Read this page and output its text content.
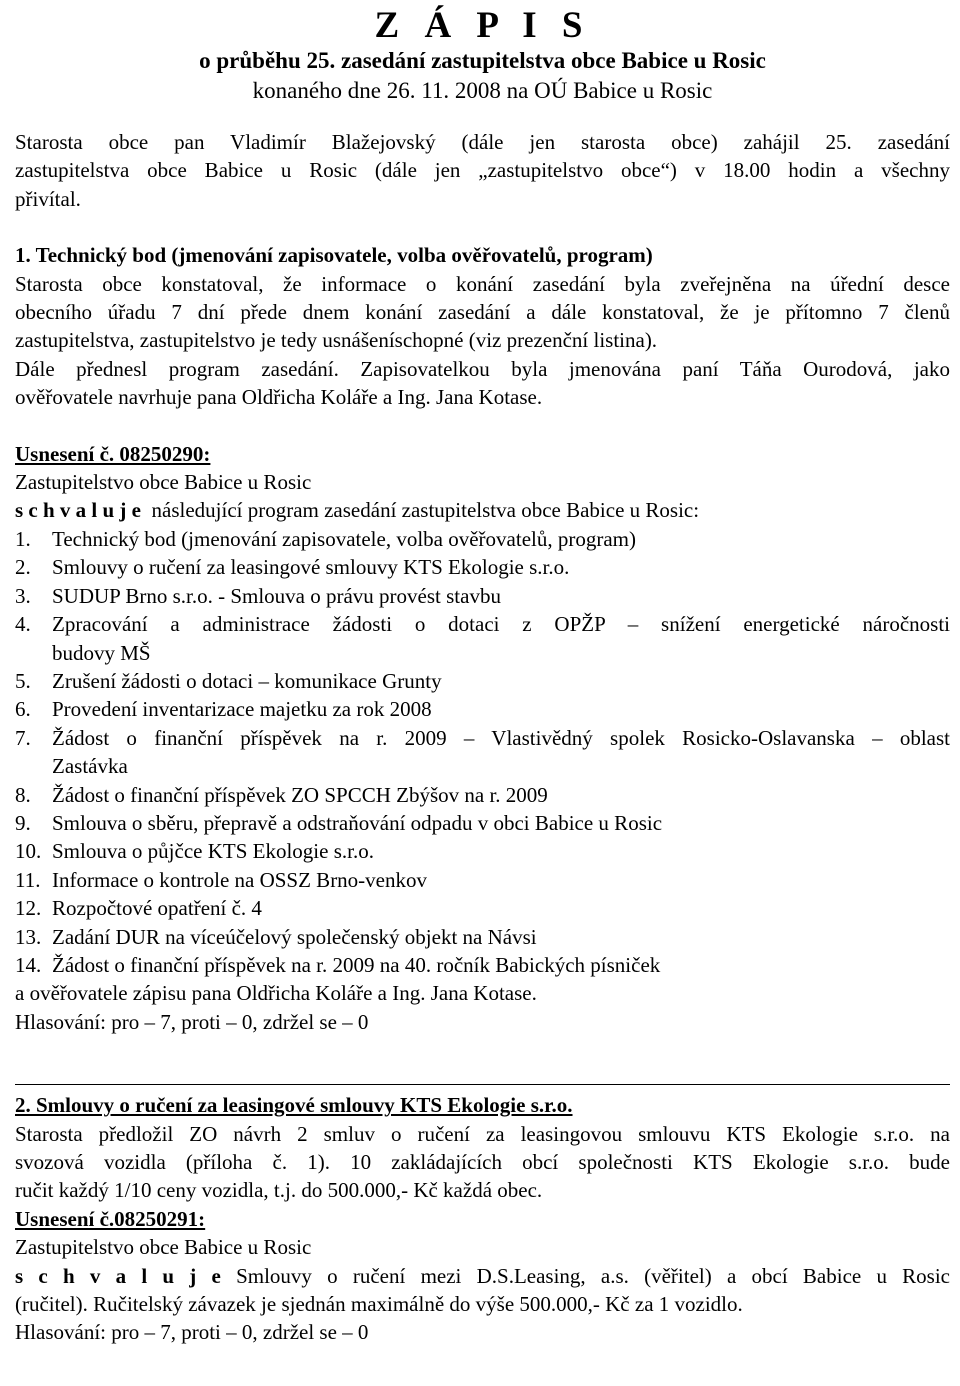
Z Á P I S
o průběhu 25. zasedání zastupitelstva obce Babice u Rosic
konaného dne 26. 11. 2008 na OÚ Babice u Rosic
Starosta obce pan Vladimír Blažejovský (dále jen starosta obce) zahájil 25. zasedání
zastupitelstva obce Babice u Rosic (dále jen „zastupitelstvo obce“) v 18.00 hodin a všechny
přivítal.
1. Technický bod (jmenování zapisovatele, volba ověřovatelů, program)
Starosta obce konstatoval, že informace o konání zasedání byla zveřejněna na úřední desce
obecního úřadu 7 dní přede dnem konání zasedání a dále konstatoval, že je přítomno 7 členů
zastupitelstva, zastupitelstvo je tedy usnášeníschopné (viz prezenční listina).
Dále přednesl program zasedání. Zapisovatelkou byla jmenována paní Táňa Ourodová, jako
ověřovatele navrhuje pana Oldřicha Koláře a Ing. Jana Kotase.
Usnesení č. 08250290:
Zastupitelstvo obce Babice u Rosic
s c h v a l u j e následující program zasedání zastupitelstva obce Babice u Rosic:
1.	Technický bod (jmenování zapisovatele, volba ověřovatelů, program)
2.	Smlouvy o ručení za leasingové smlouvy KTS Ekologie s.r.o.
3.	SUDUP Brno s.r.o. - Smlouva o právu provést stavbu
4.	Zpracování a administrace žádosti o dotaci z OPŽP – snížení energetické náročnosti
budovy MŠ
5.	Zrušení žádosti o dotaci – komunikace Grunty
6.	Provedení inventarizace majetku za rok 2008
7.	Žádost o finanční příspěvek na r. 2009 – Vlastivědný spolek Rosicko-Oslavanska – oblast
Zastávka
8.	Žádost o finanční příspěvek ZO SPCCH Zbýšov na r. 2009
9.	Smlouva o sběru, přepravě a odstraňování odpadu v obci Babice u Rosic
10. Smlouva o půjčce KTS Ekologie s.r.o.
11. Informace o kontrole na OSSZ Brno-venkov
12. Rozpočtové opatření č. 4
13. Zadání DUR na víceúčelový společenský objekt na Návsi
14. Žádost o finanční příspěvek na r. 2009 na 40. ročník Babických písniček
a ověřovatele zápisu pana Oldřicha Koláře a Ing. Jana Kotase.
Hlasování: pro – 7, proti – 0, zdržel se – 0
2. Smlouvy o ručení za leasingové smlouvy KTS Ekologie s.r.o.
Starosta předložil ZO návrh 2 smluv o ručení za leasingovou smlouvu KTS Ekologie s.r.o. na
svozová vozidla (příloha č. 1). 10 zakládajících obcí společnosti KTS Ekologie s.r.o. bude
ručit každý 1/10 ceny vozidla, t.j. do 500.000,- Kč každá obec.
Usnesení č.08250291:
Zastupitelstvo obce Babice u Rosic
s c h v a l u j e Smlouvy o ručení mezi D.S.Leasing, a.s. (věřitel) a obcí Babice u Rosic
(ručitel). Ručitelský závazek je sjednán maximálně do výše 500.000,- Kč za 1 vozidlo.
Hlasování: pro – 7, proti – 0, zdržel se – 0
